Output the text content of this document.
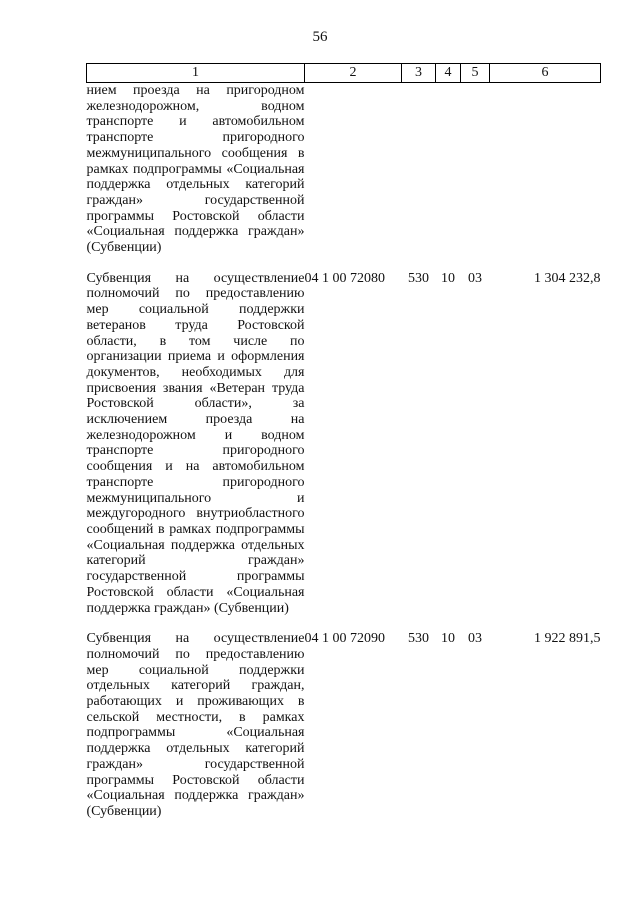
56
1	2	3	4	5	6
нием проезда на пригородном железнодорожном, водном транспорте и автомобильном транспорте пригородного межмуниципального сообщения в рамках подпрограммы «Социальная поддержка отдельных категорий граждан» государственной программы Ростовской области «Социальная поддержка граждан» (Субвенции)					
Субвенция на осуществление полномочий по предоставлению мер социальной поддержки ветеранов труда Ростовской области, в том числе по организации приема и оформления документов, необходимых для присвоения звания «Ветеран труда Ростовской области», за исключением проезда на железнодорожном и водном транспорте пригородного сообщения и на автомобильном транспорте пригородного межмуниципального и междугородного внутриобластного сообщений в рамках подпрограммы «Социальная поддержка отдельных категорий граждан» государственной программы Ростовской области «Социальная поддержка граждан» (Субвенции)	04 1 00 72080	530	10	03	1 304 232,8
Субвенция на осуществление полномочий по предоставлению мер социальной поддержки отдельных категорий граждан, работающих и проживающих в сельской местности, в рамках подпрограммы «Социальная поддержка отдельных категорий граждан» государственной программы Ростовской области «Социальная поддержка граждан» (Субвенции)	04 1 00 72090	530	10	03	1 922 891,5
